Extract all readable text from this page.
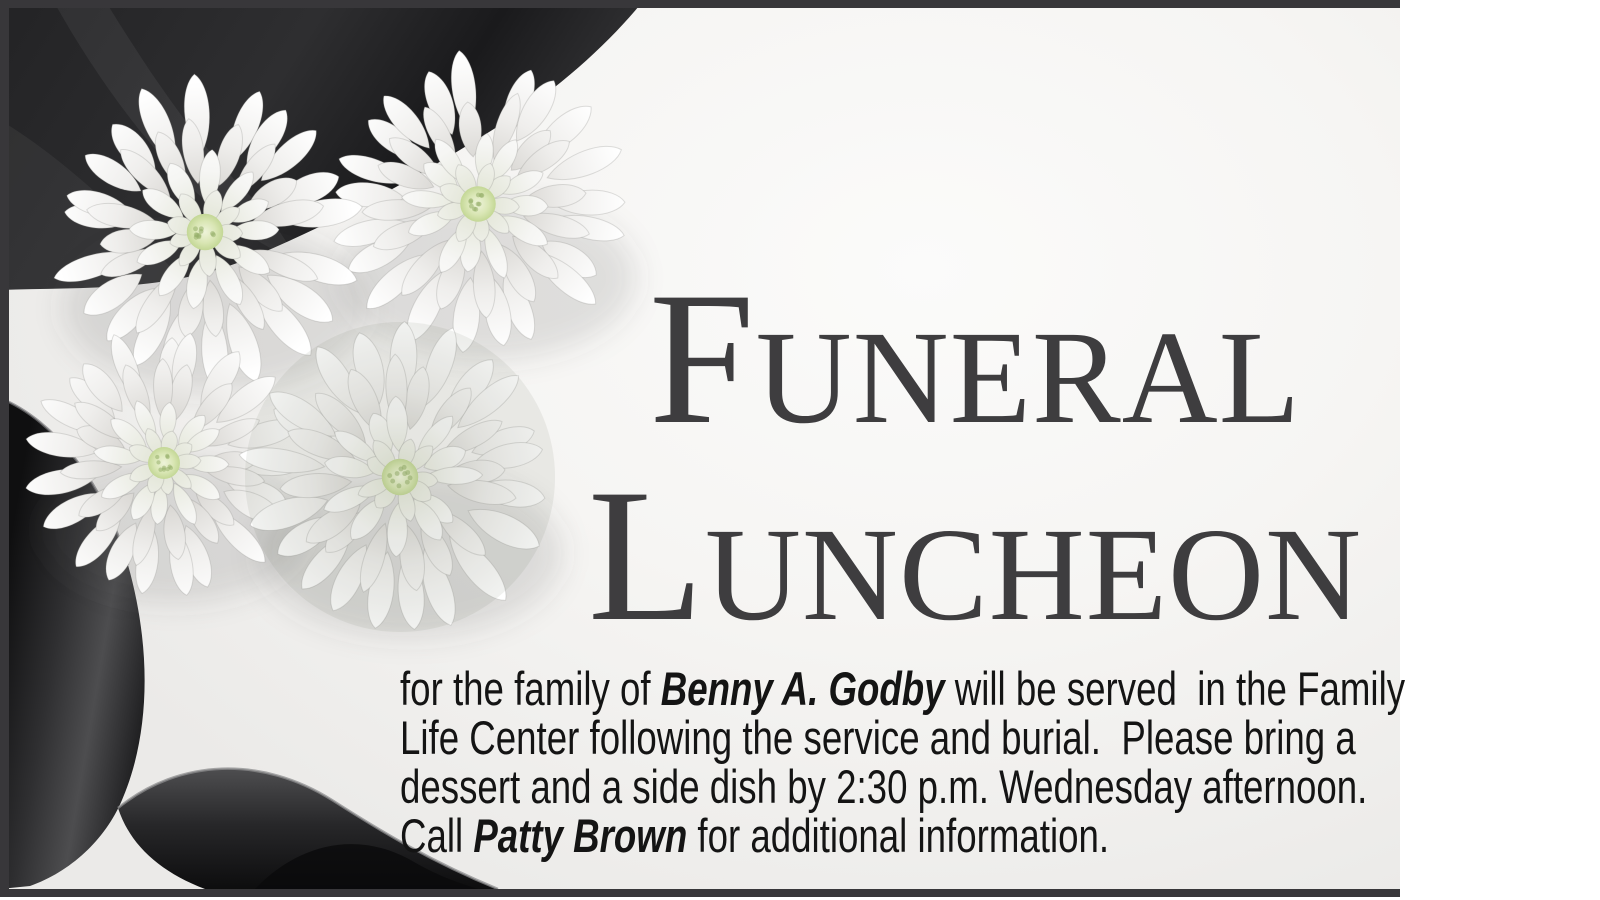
Funeral
Luncheon
for the family of Benny A. Godby will be served  in the Family
Life Center following the service and burial.  Please bring a
dessert and a side dish by 2:30 p.m. Wednesday afternoon.
Call Patty Brown for additional information.
